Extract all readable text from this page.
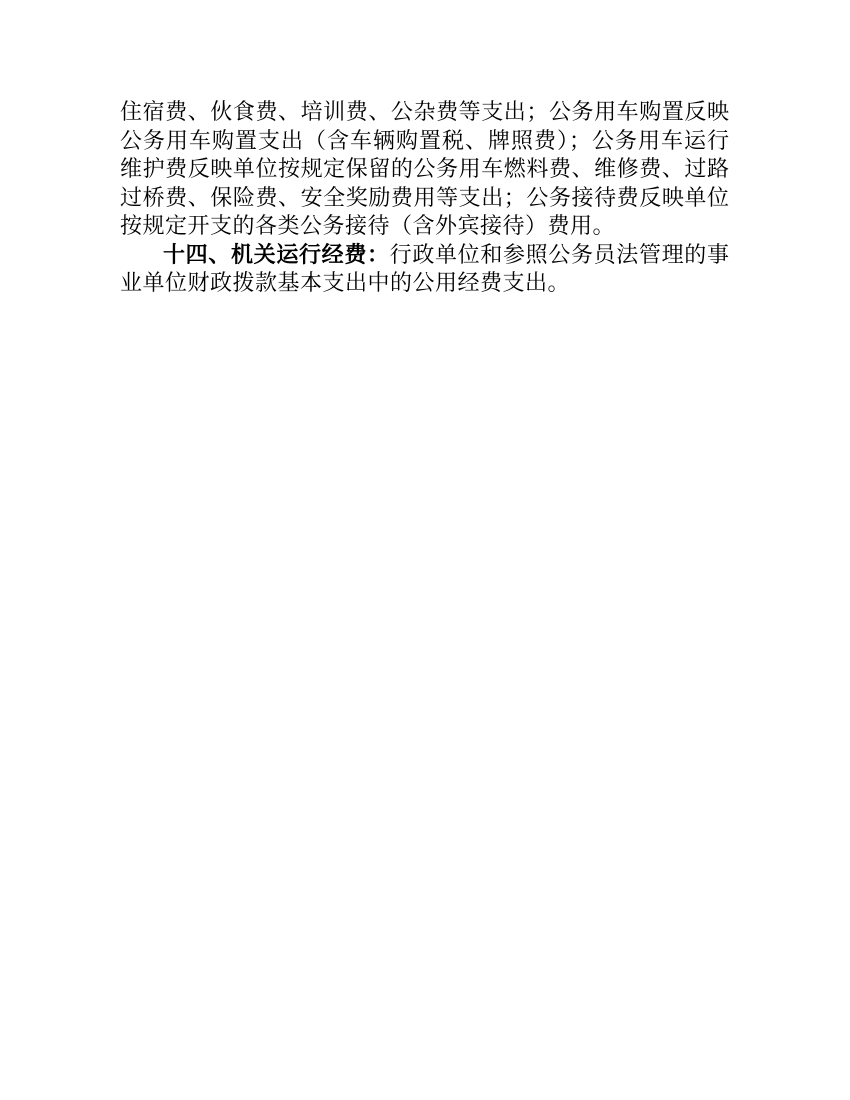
住宿费、伙食费、培训费、公杂费等支出；公务用车购置反映
公务用车购置支出（含车辆购置税、牌照费）；公务用车运行
维护费反映单位按规定保留的公务用车燃料费、维修费、过路
过桥费、保险费、安全奖励费用等支出；公务接待费反映单位
按规定开支的各类公务接待（含外宾接待）费用。
十四、机关运行经费：行政单位和参照公务员法管理的事
业单位财政拨款基本支出中的公用经费支出。
